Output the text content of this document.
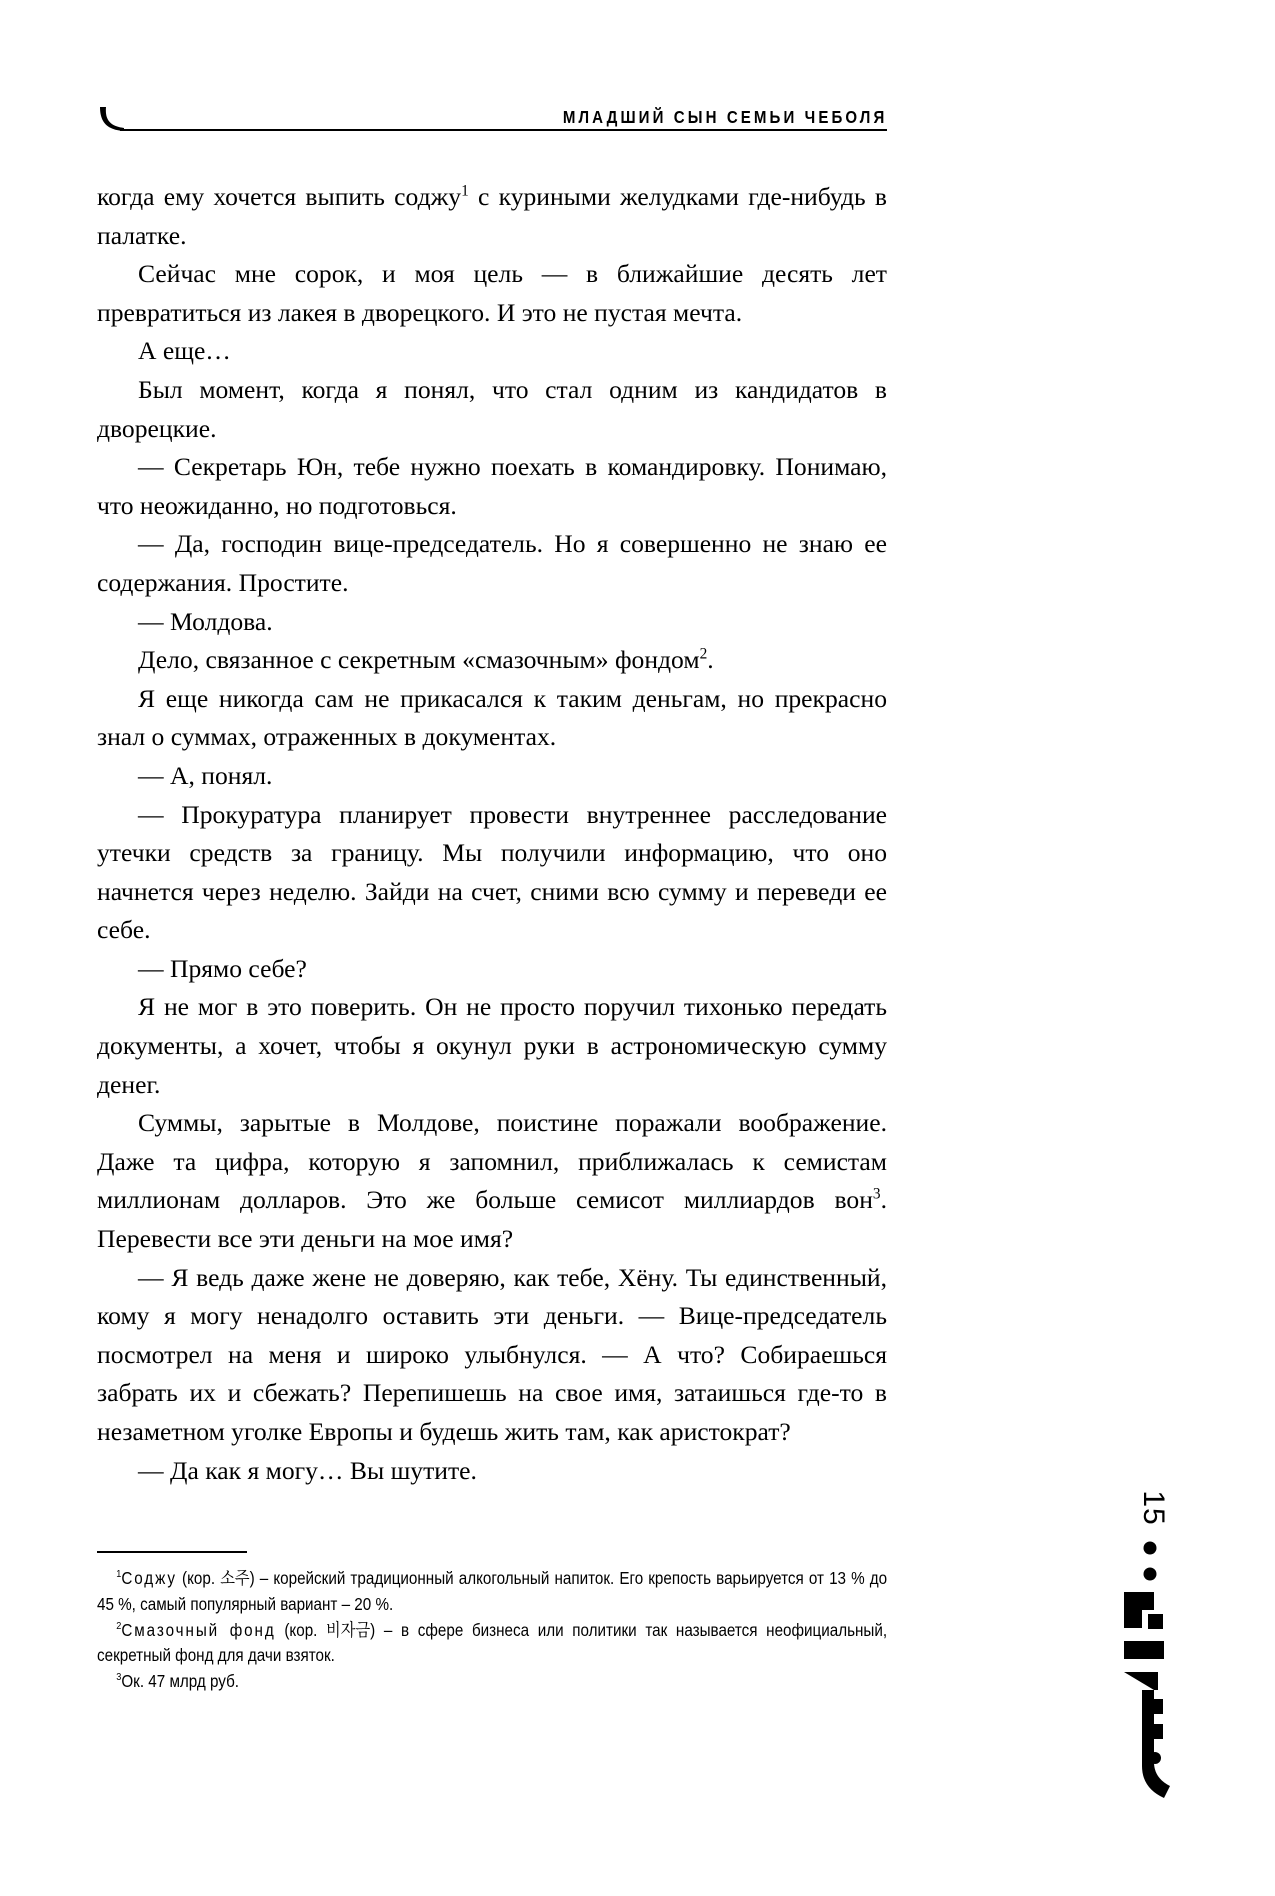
МЛАДШИЙ СЫН СЕМЬИ ЧЕБОЛЯ

когда ему хочется выпить соджу$^1$ с куриными желудками где-нибудь в палатке.

Сейчас мне сорок, и моя цель — в ближайшие десять лет превратиться из лакея в дворецкого. И это не пустая мечта.

А еще…

Был момент, когда я понял, что стал одним из кандидатов в дворецкие.

— Секретарь Юн, тебе нужно поехать в командировку. Понимаю, что неожиданно, но подготовься.

— Да, господин вице-председатель. Но я совершенно не знаю ее содержания. Простите.

— Молдова.

Дело, связанное с секретным «смазочным» фондом$^2$.

Я еще никогда сам не прикасался к таким деньгам, но прекрасно знал о суммах, отраженных в документах.

— А, понял.

— Прокуратура планирует провести внутреннее расследование утечки средств за границу. Мы получили информацию, что оно начнется через неделю. Зайди на счет, сними всю сумму и переведи ее себе.

— Прямо себе?

Я не мог в это поверить. Он не просто поручил тихонько передать документы, а хочет, чтобы я окунул руки в астрономическую сумму денег.

Суммы, зарытые в Молдове, поистине поражали воображение. Даже та цифра, которую я запомнил, приближалась к семистам миллионам долларов. Это же больше семисот миллиардов вон$^3$. Перевести все эти деньги на мое имя?

— Я ведь даже жене не доверяю, как тебе, Хёну. Ты единственный, кому я могу ненадолго оставить эти деньги. — Вице-председатель посмотрел на меня и широко улыбнулся. — А что? Собираешься забрать их и сбежать? Перепишешь на свое имя, затаишься где-то в незаметном уголке Европы и будешь жить там, как аристократ?

— Да как я могу… Вы шутите.

$^1$Соджу (кор. 소주) – корейский традиционный алкогольный напиток. Его крепость варьируется от 13 % до 45 %, самый популярный вариант – 20 %.

$^2$Смазочный фонд (кор. 비자금) – в сфере бизнеса или политики так называется неофициальный, секретный фонд для дачи взяток.

$^3$Ок. 47 млрд руб.

15
